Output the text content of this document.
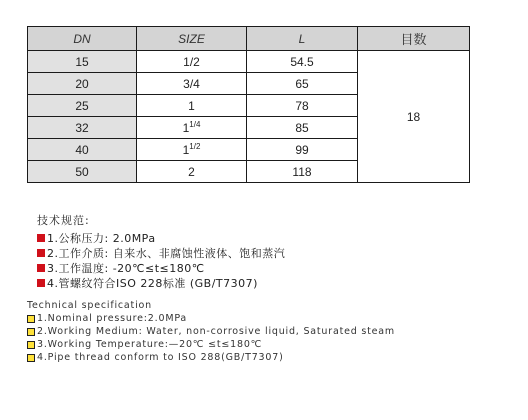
DN	SIZE	L	目数
15	1/2	54.5	18
20	3/4	65	
25	1	78	
32	$1^{1/4}$	85	
40	$1^{1/2}$	99	
50	2	118	
技术规范:
1.公称压力: 2.0MPa
2.工作介质: 自来水、非腐蚀性液体、饱和蒸汽
3.工作温度: -20℃≤t≤180℃
4.管螺纹符合ISO 228标准 (GB/T7307)
Technical specification
1.Nominal pressure:2.0MPa
2.Working Medium: Water, non-corrosive liquid, Saturated steam
3.Working Temperature:—20℃ ≤t≤180℃
4.Pipe thread conform to ISO 288(GB/T7307)
